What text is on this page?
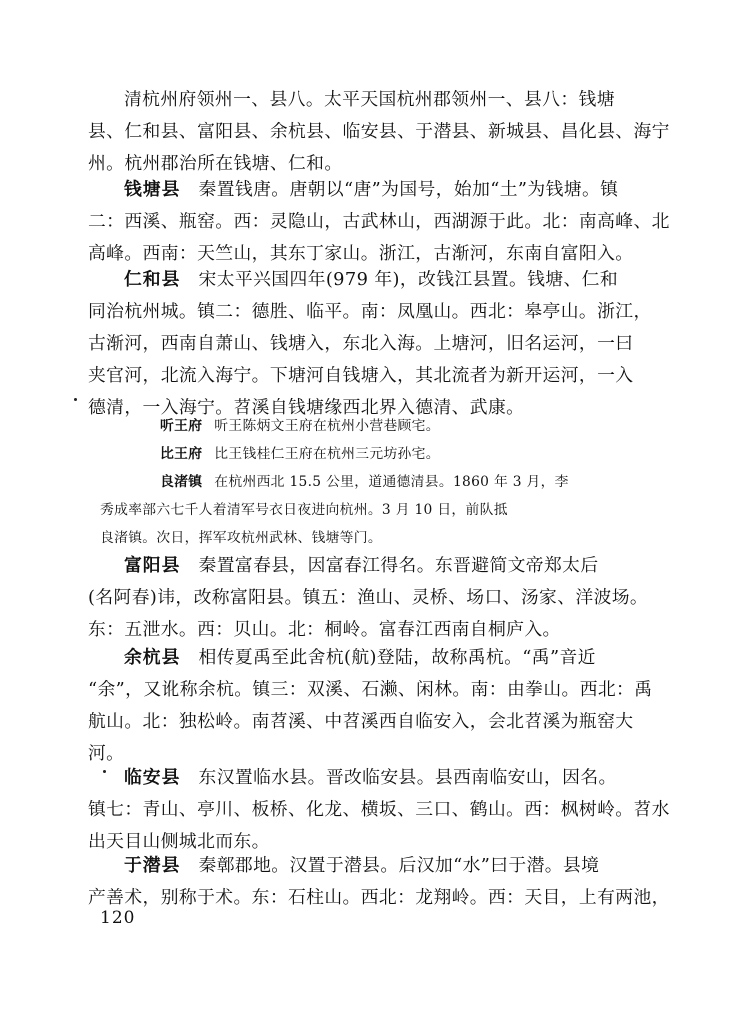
清杭州府领州一、县八。太平天国杭州郡领州一、县八：钱塘
县、仁和县、富阳县、余杭县、临安县、于潜县、新城县、昌化县、海宁
州。杭州郡治所在钱塘、仁和。
钱塘县  秦置钱唐。唐朝以“唐”为国号，始加“土”为钱塘。镇
二：西溪、瓶窑。西：灵隐山，古武林山，西湖源于此。北：南高峰、北
高峰。西南：天竺山，其东丁家山。浙江，古渐河，东南自富阳入。
仁和县  宋太平兴国四年(979 年)，改钱江县置。钱塘、仁和
同治杭州城。镇二：德胜、临平。南：凤凰山。西北：皋亭山。浙江，
古渐河，西南自萧山、钱塘入，东北入海。上塘河，旧名运河，一曰
夹官河，北流入海宁。下塘河自钱塘入，其北流者为新开运河，一入
德清，一入海宁。苕溪自钱塘缘西北界入德清、武康。
听王府 听王陈炳文王府在杭州小营巷顾宅。
比王府 比王钱桂仁王府在杭州三元坊孙宅。
良渚镇 在杭州西北 15.5 公里，道通德清县。1860 年 3 月，李
秀成率部六七千人着清军号衣日夜进向杭州。3 月 10 日，前队抵
良渚镇。次日，挥军攻杭州武林、钱塘等门。
富阳县  秦置富春县，因富春江得名。东晋避简文帝郑太后
(名阿春)讳，改称富阳县。镇五：渔山、灵桥、场口、汤家、洋波场。
东：五泄水。西：贝山。北：桐岭。富春江西南自桐庐入。
余杭县  相传夏禹至此舍杭(航)登陆，故称禹杭。“禹”音近
“余”，又讹称余杭。镇三：双溪、石濑、闲林。南：由拳山。西北：禹
航山。北：独松岭。南苕溪、中苕溪西自临安入，会北苕溪为瓶窑大
河。
临安县  东汉置临水县。晋改临安县。县西南临安山，因名。
镇七：青山、亭川、板桥、化龙、横坂、三口、鹤山。西：枫树岭。苕水
出天目山侧城北而东。
于潜县  秦鄣郡地。汉置于潜县。后汉加“水”曰于潜。县境
产善术，别称于术。东：石柱山。西北：龙翔岭。西：天目，上有两池，
120
